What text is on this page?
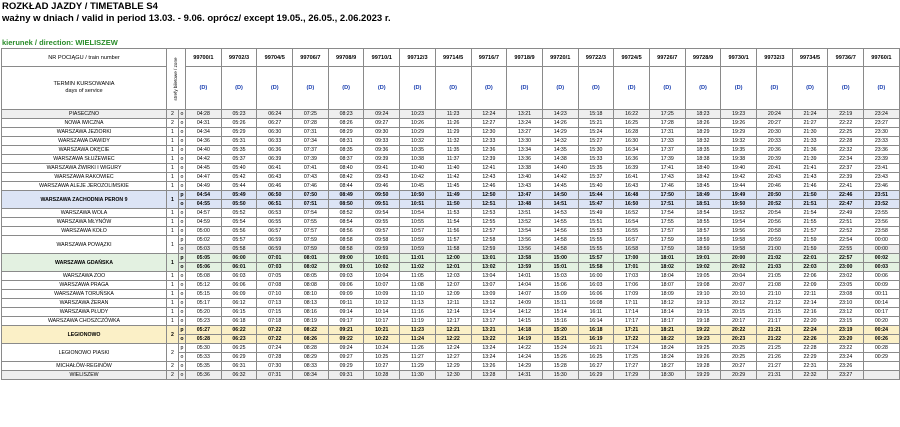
ROZKŁAD JAZDY / TIMETABLE S4
ważny w dniach / valid in period 13.03. - 9.06. oprócz/ except 19.05., 26.05., 2.06.2023 r.
kierunek / direction: WIELISZEW
NR POCIĄGU / train number	strefy biletowe / zone		99700/1	99702/3	99704/5	99706/7	99708/9	99710/1	99712/3	99714/5	99716/7	99718/9	99720/1	99722/3	99724/5	99726/7	99728/9	99730/1	99732/3	99734/5	99736/7	99760/1
TERMIN KURSOWANIA
days of service			(D)	(D)	(D)	(D)	(D)	(D)	(D)	(D)	(D)	(D)	(D)	(D)	(D)	(D)	(D)	(D)	(D)	(D)	(D)	(D)
PIASECZNO	2	o	04:28	05:23	06:24	07:25	08:23	09:24	10:23	11:23	12:24	13:21	14:23	15:18	16:22	17:25	18:23	19:23	20:24	21:24	22:19	23:24
NOWA IWICZNA	2	o	04:31	05:26	06:27	07:28	08:26	09:27	10:26	11:26	12:27	13:24	14:26	15:21	16:25	17:28	18:26	19:26	20:27	21:27	22:22	23:27
WARSZAWA JEZIORKI	1	o	04:34	05:29	06:30	07:31	08:29	09:30	10:29	11:29	12:30	13:27	14:29	15:24	16:28	17:31	18:29	19:29	20:30	21:30	22:25	23:30
WARSZAWA DAWIDY	1	o	04:36	05:31	06:33	07:34	08:31	09:33	10:32	11:32	12:33	13:30	14:32	15:27	16:30	17:33	18:32	19:32	20:33	21:33	22:28	23:33
WARSZAWA OKĘCIE	1	o	04:40	05:35	06:36	07:37	08:35	09:36	10:35	11:35	12:36	13:34	14:35	15:30	16:34	17:37	18:35	19:35	20:36	21:36	22:32	23:36
WARSZAWA SŁUŻEWIEC	1	o	04:42	05:37	06:39	07:39	08:37	09:39	10:38	11:37	12:39	13:36	14:38	15:33	16:36	17:39	18:38	19:38	20:39	21:39	22:34	23:39
WARSZAWA ŻWIRKI I WIGURY	1	o	04:45	05:40	06:41	07:41	08:40	09:41	10:40	11:40	12:41	13:38	14:40	15:35	16:39	17:41	18:40	19:40	20:41	21:41	22:37	23:41
WARSZAWA RAKOWIEC	1	o	04:47	05:42	06:43	07:43	08:42	09:43	10:42	11:42	12:43	13:40	14:42	15:37	16:41	17:43	18:42	19:42	20:43	21:43	22:39	23:43
WARSZAWA ALEJE JEROZOLIMSKIE	1	o	04:49	05:44	06:46	07:46	08:44	09:46	10:45	11:45	12:46	13:43	14:45	15:40	16:43	17:46	18:45	19:44	20:46	21:46	22:41	23:46
WARSZAWA ZACHODNIA PERON 9	1	p	04:54	05:49	06:50	07:50	08:49	09:50	10:50	11:49	12:50	13:47	14:50	15:44	16:48	17:50	18:49	19:49	20:50	21:50	22:46	23:51
		o	04:55	05:50	06:51	07:51	08:50	09:51	10:51	11:50	12:51	13:48	14:51	15:47	16:50	17:51	18:51	19:50	20:52	21:51	22:47	23:52
WARSZAWA WOLA	1	o	04:57	05:52	06:53	07:54	08:52	09:54	10:54	11:53	12:53	13:51	14:53	15:49	16:52	17:54	18:54	19:52	20:54	21:54	22:49	23:55
WARSZAWA MŁYNÓW	1	o	04:59	05:54	06:55	07:55	08:54	09:55	10:55	11:54	12:55	13:52	14:55	15:51	16:54	17:55	18:55	19:54	20:56	21:55	22:51	23:56
WARSZAWA KOŁO	1	o	05:00	05:56	06:57	07:57	08:56	09:57	10:57	11:56	12:57	13:54	14:56	15:53	16:55	17:57	18:57	19:56	20:58	21:57	22:52	23:58
WARSZAWA POWĄZKI	1	p	05:02	05:57	06:59	07:59	08:58	09:58	10:59	11:57	12:58	13:56	14:58	15:55	16:57	17:59	18:59	19:58	20:59	21:59	22:54	00:00
		o	05:03	05:58	06:59	07:59	08:58	09:59	10:59	11:58	12:59	13:56	14:58	15:55	16:58	17:59	18:59	19:58	21:00	21:59	22:55	00:00
WARSZAWA GDAŃSKA	1	p	05:05	06:00	07:01	08:01	09:00	10:01	11:01	12:00	13:01	13:58	15:00	15:57	17:00	18:01	19:01	20:00	21:02	22:01	22:57	00:02
		o	05:06	06:01	07:03	08:02	09:01	10:02	11:02	12:01	13:02	13:59	15:01	15:58	17:01	18:02	19:02	20:02	21:03	22:03	23:00	00:03
WARSZAWA ZOO	1	o	05:08	06:03	07:05	08:05	09:03	10:04	11:05	12:03	13:04	14:01	15:03	16:00	17:03	18:04	19:05	20:04	21:05	22:06	23:02	00:06
WARSZAWA PRAGA	1	o	05:12	06:06	07:08	08:08	09:06	10:07	11:08	12:07	13:07	14:04	15:06	16:03	17:06	18:07	19:08	20:07	21:08	22:09	23:05	00:09
WARSZAWA TORUŃSKA	1	o	05:15	06:09	07:10	08:10	09:09	10:09	11:10	12:09	13:09	14:07	15:09	16:06	17:09	18:09	19:10	20:10	21:10	22:11	23:08	00:11
WARSZAWA ŻERAN	1	o	05:17	06:12	07:13	08:13	09:11	10:12	11:13	12:11	13:12	14:09	15:11	16:08	17:11	18:12	19:13	20:12	21:12	22:14	23:10	00:14
WARSZAWA PŁUDY	1	o	05:20	06:15	07:15	08:16	09:14	10:14	11:16	12:14	13:14	14:12	15:14	16:11	17:14	18:14	19:15	20:15	21:15	22:16	23:12	00:17
WARSZAWA CHOSZCZÓWKA	1	o	05:23	06:18	07:18	08:19	09:17	10:17	11:19	12:17	13:17	14:15	15:16	16:14	17:17	18:17	19:18	20:17	21:17	22:20	23:15	00:20
LEGIONOWO	2	p	05:27	06:22	07:22	08:22	09:21	10:21	11:23	12:21	13:21	14:18	15:20	16:18	17:21	18:21	19:22	20:22	21:21	22:24	23:19	00:24
		o	05:28	06:23	07:22	08:26	09:22	10:22	11:24	12:22	13:22	14:19	15:21	16:19	17:22	18:22	19:23	20:23	21:22	22:26	23:20	00:26
LEGIONOWO PIASKI	2	p	05:30	06:25	07:24	08:28	09:24	10:24	11:26	12:24	13:24	14:22	15:24	16:21	17:24	18:24	19:25	20:25	21:25	22:28	23:22	00:28
		o	05:33	06:29	07:28	08:29	09:27	10:25	11:27	12:27	13:24	14:24	15:26	16:25	17:25	18:24	19:26	20:25	21:26	22:29	23:24	00:29
MICHAŁÓW-REGINÓW	2	o	05:35	06:31	07:30	08:33	09:29	10:27	11:29	12:29	13:26	14:29	15:28	16:27	17:27	18:27	19:28	20:27	21:27	22:31	23:26	
WIELISZEW	2	o	05:36	06:32	07:31	08:34	09:31	10:28	11:30	12:30	13:28	14:31	15:30	16:29	17:29	18:30	19:29	20:29	21:31	22:32	23:27	
